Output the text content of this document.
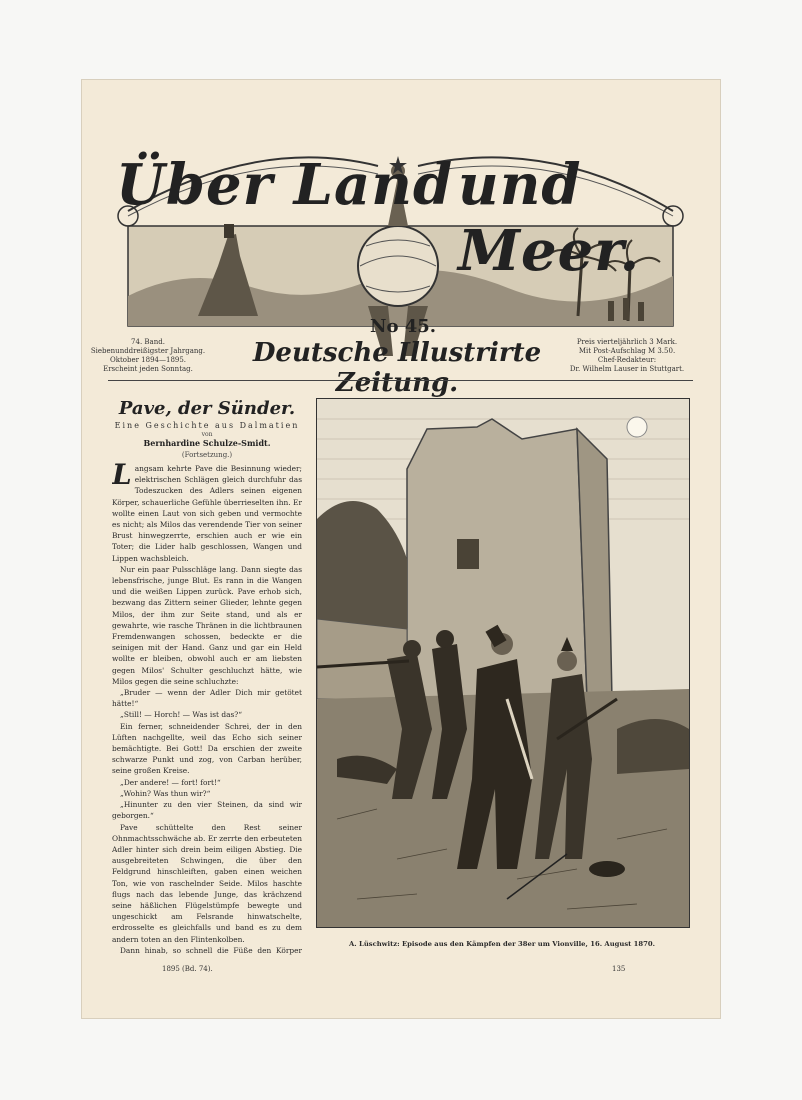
Über Land und Meer.
No 45.
74. Band.
Siebenunddreißigster Jahrgang.
Oktober 1894—1895.
Erscheint jeden Sonntag.
Deutsche Illustrirte Zeitung.
Preis vierteljährlich 3 Mark.
Mit Post-Aufschlag M 3.50.
Chef-Redakteur:
Dr. Wilhelm Lauser in Stuttgart.
Pave, der Sünder.
Eine Geschichte aus Dalmatien
von
Bernhardine Schulze-Smidt.
(Fortsetzung.)

Langsam kehrte Pave die Besinnung wieder; elektrischen Schlägen gleich durchfuhr das Todeszucken des Adlers seinen eigenen Körper, schauerliche Gefühle überrieselten ihn. Er wollte einen Laut von sich geben und vermochte es nicht; als Milos das verendende Tier von seiner Brust hinwegzerrte, erschien auch er wie ein Toter; die Lider halb geschlossen, Wangen und Lippen wachsbleich.

Nur ein paar Pulsschläge lang. Dann siegte das lebensfrische, junge Blut. Es rann in die Wangen und die weißen Lippen zurück. Pave erhob sich, bezwang das Zittern seiner Glieder, lehnte gegen Milos, der ihm zur Seite stand, und als er gewahrte, wie rasche Thränen in die lichtbraunen Fremdenwangen schossen, bedeckte er die seinigen mit der Hand. Ganz und gar ein Held wollte er bleiben, obwohl auch er am liebsten gegen Milos' Schulter geschluchzt hätte, wie Milos gegen die seine schluchzte:

„Bruder — wenn der Adler Dich mir getötet hätte!“

„Still! — Horch! — Was ist das?“

Ein ferner, schneidender Schrei, der in den Lüften nachgellte, weil das Echo sich seiner bemächtigte. Bei Gott! Da erschien der zweite schwarze Punkt und zog, von Carban herüber, seine großen Kreise.

„Der andere! — fort! fort!“

„Wohin? Was thun wir?“

„Hinunter zu den vier Steinen, da sind wir geborgen.“

Pave schüttelte den Rest seiner Ohnmachtsschwäche ab. Er zerrte den erbeuteten Adler hinter sich drein beim eiligen Abstieg. Die ausgebreiteten Schwingen, die über den Feldgrund hinschleiften, gaben einen weichen Ton, wie von raschelnder Seide. Milos haschte flugs nach das lebende Junge, das krächzend seine häßlichen Flügelstümpfe bewegte und ungeschickt am Felsrande hinwatschelte, erdrosselte es gleichfalls und band es zu dem andern toten an den Flintenkolben.

Dann hinab, so schnell die Füße den Körper

A. Lüschwitz: Episode aus den Kämpfen der 38er um Vionville, 16. August 1870.
1895 (Bd. 74).	135
